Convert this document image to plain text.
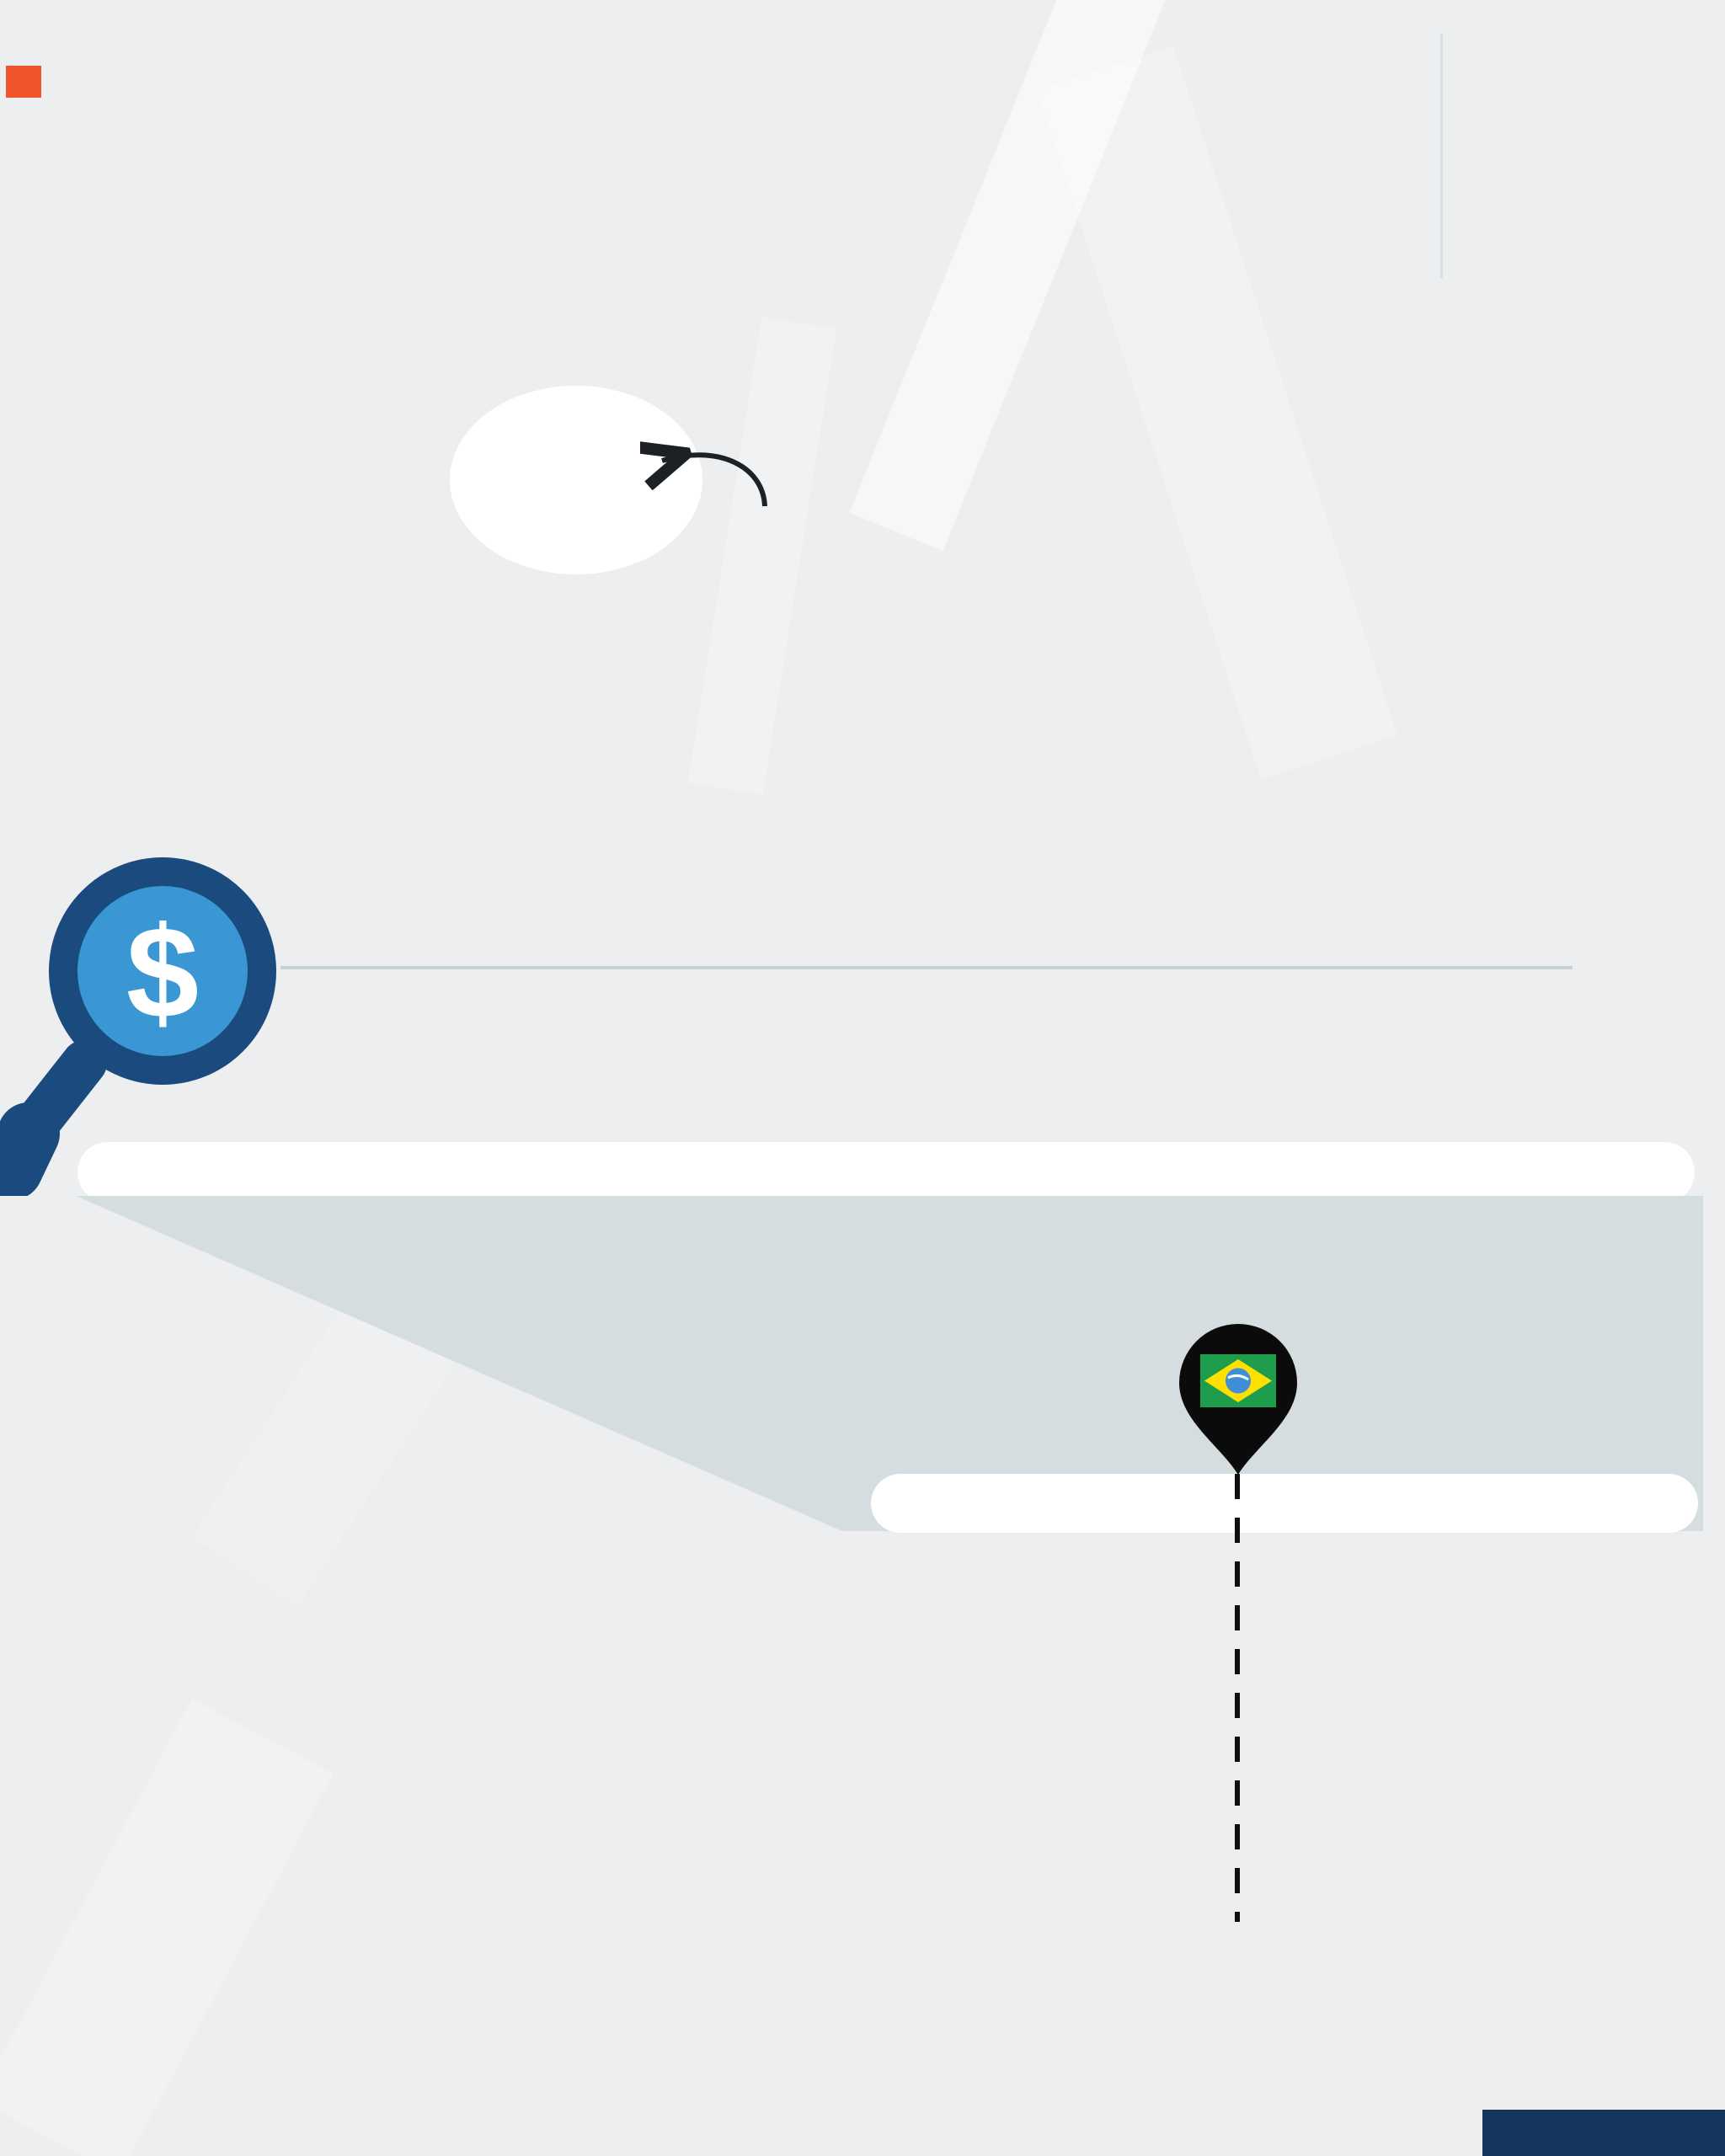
$
